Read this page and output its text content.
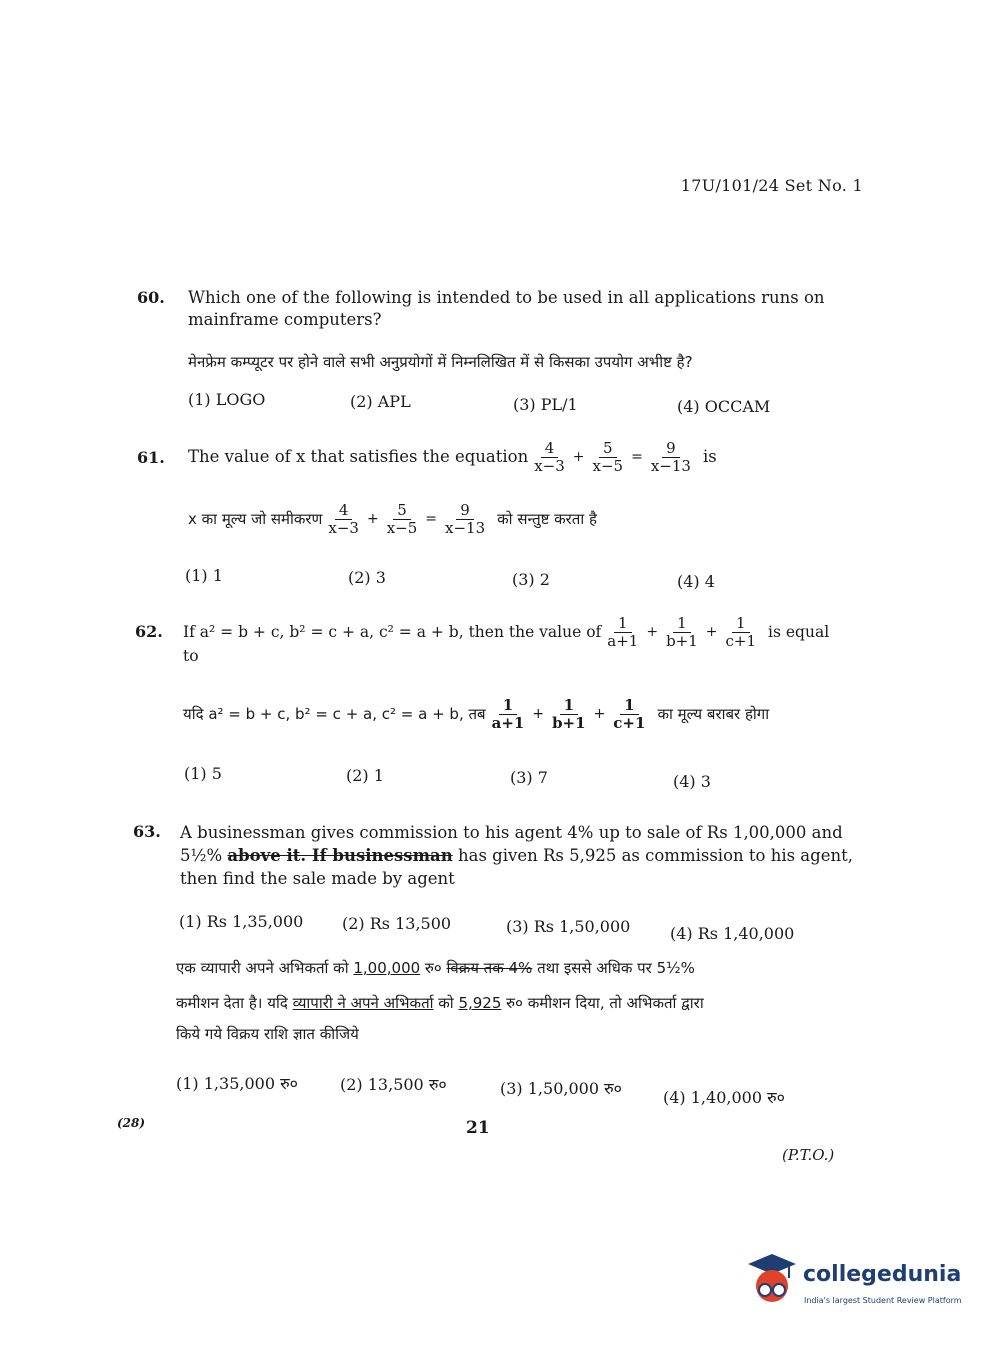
17U/101/24 Set No. 1
60. Which one of the following is intended to be used in all applications runs on mainframe computers?
मेनफ्रेम कम्प्यूटर पर होने वाले सभी अनुप्रयोगों में निम्नलिखित में से किसका उपयोग अभीष्ट है?
(1) LOGO	(2) APL	(3) PL/1	(4) OCCAM
61. The value of x that satisfies the equation $\frac{4}{x-3} + \frac{5}{x-5} = \frac{9}{x-13}$ is
x का मूल्य जो समीकरण $\frac{4}{x-3} + \frac{5}{x-5} = \frac{9}{x-13}$ को सन्तुष्ट करता है
(1) 1	(2) 3	(3) 2	(4) 4
62. If a² = b + c, b² = c + a, c² = a + b, then the value of $\frac{1}{a+1} + \frac{1}{b+1} + \frac{1}{c+1}$ is equal
to
यदि a² = b + c, b² = c + a, c² = a + b, तब $\frac{1}{a+1} + \frac{1}{b+1} + \frac{1}{c+1}$ का मूल्य बराबर होगा
(1) 5	(2) 1	(3) 7	(4) 3
63. A businessman gives commission to his agent 4% up to sale of Rs 1,00,000 and
5½% above it. If businessman has given Rs 5,925 as commission to his agent,
then find the sale made by agent
(1) Rs 1,35,000 (2) Rs 13,500	(3) Rs 1,50,000 (4) Rs 1,40,000
एक व्यापारी अपने अभिकर्ता को 1,00,000 रु० विक्रय तक 4% तथा इससे अधिक पर 5½%
कमीशन देता है। यदि व्यापारी ने अपने अभिकर्ता को 5,925 रु० कमीशन दिया, तो अभिकर्ता द्वारा
किये गये विक्रय राशि ज्ञात कीजिये
(1) 1,35,000 रु०	(2) 13,500 रु०	(3) 1,50,000 रु०	(4) 1,40,000 रु०
(28)	21
(P.T.O.)
collegedunia
India's largest Student Review Platform
